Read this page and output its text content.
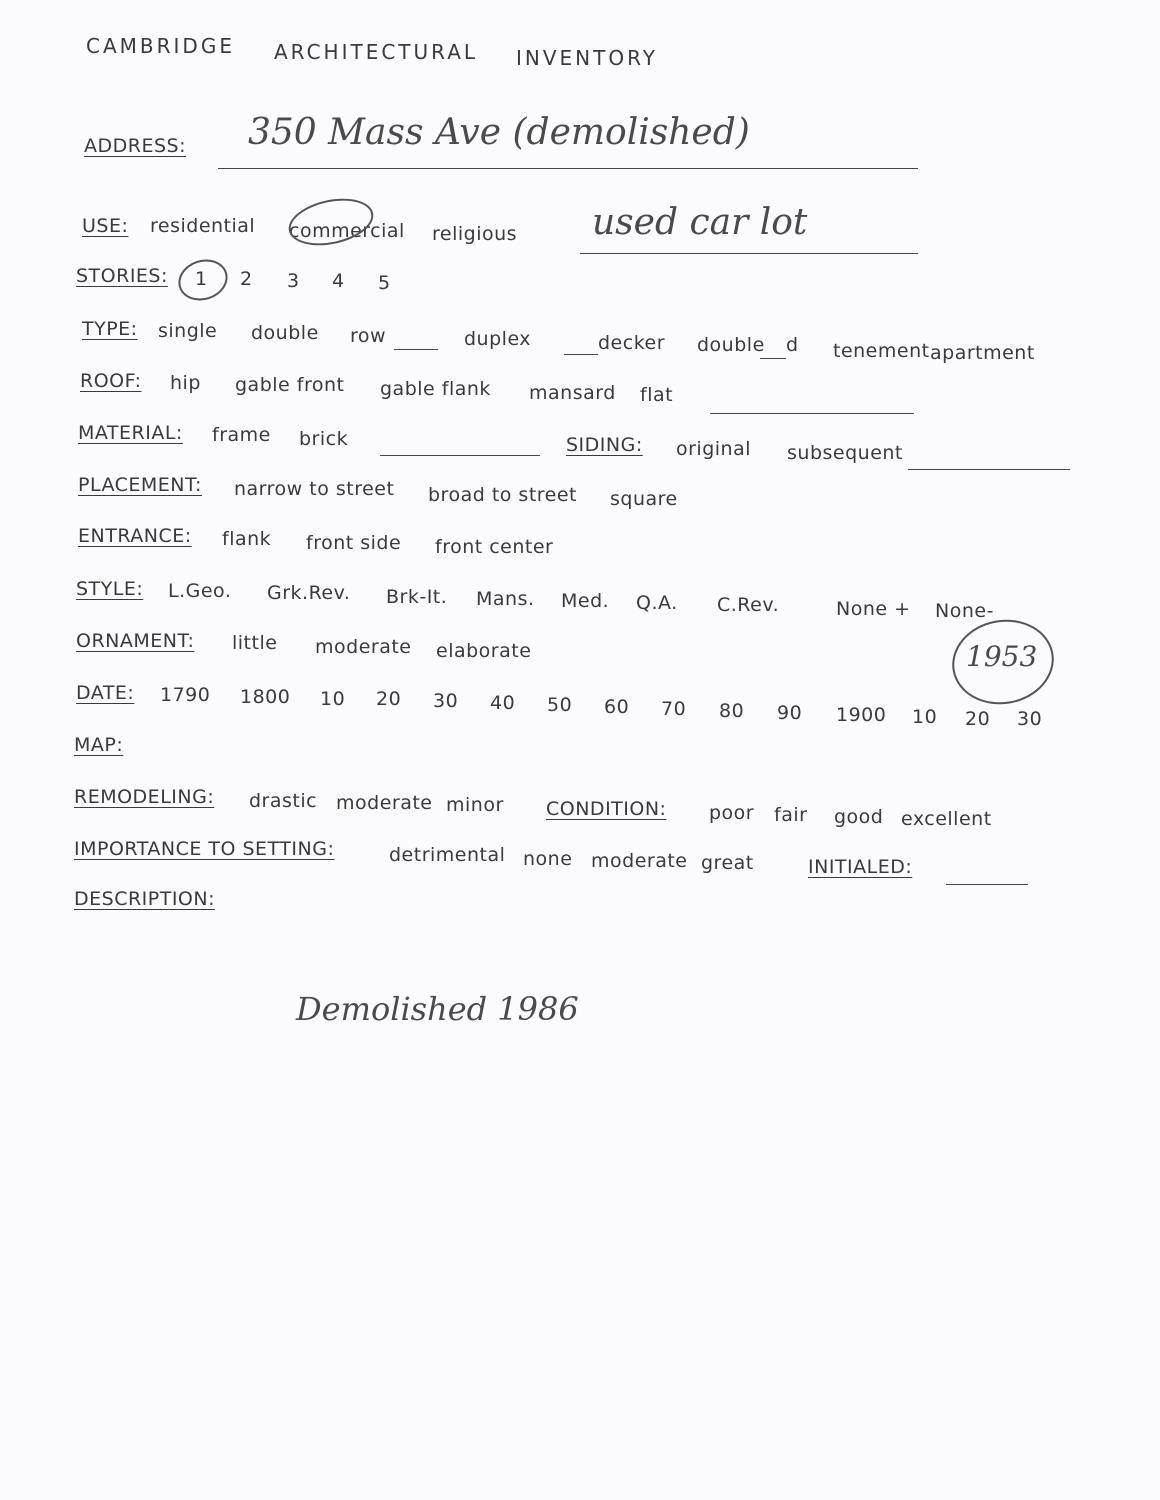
CAMBRIDGE ARCHITECTURAL INVENTORY
ADDRESS: 350 Mass Ave (demolished)
USE: residential commercial religious used car lot
STORIES: 1 2 3 4 5
TYPE: single double row	duplex	decker double d tenement apartment
ROOF: hip gable front gable flank mansard flat
MATERIAL: frame brick	SIDING: original subsequent
PLACEMENT: narrow to street broad to street square
ENTRANCE: flank front side front center
STYLE: L.Geo. Grk.Rev. Brk-It. Mans. Med. Q.A. C.Rev.	None + None-
ORNAMENT: little moderate elaborate	1953
DATE: 1790 1800 10 20 30 40 50 60 70 80 90 1900 10 20 30
MAP:
REMODELING: drastic moderate minor CONDITION: poor fair good excellent
IMPORTANCE TO SETTING:	detrimental none moderate great	INITIALED:
DESCRIPTION:
Demolished 1986
